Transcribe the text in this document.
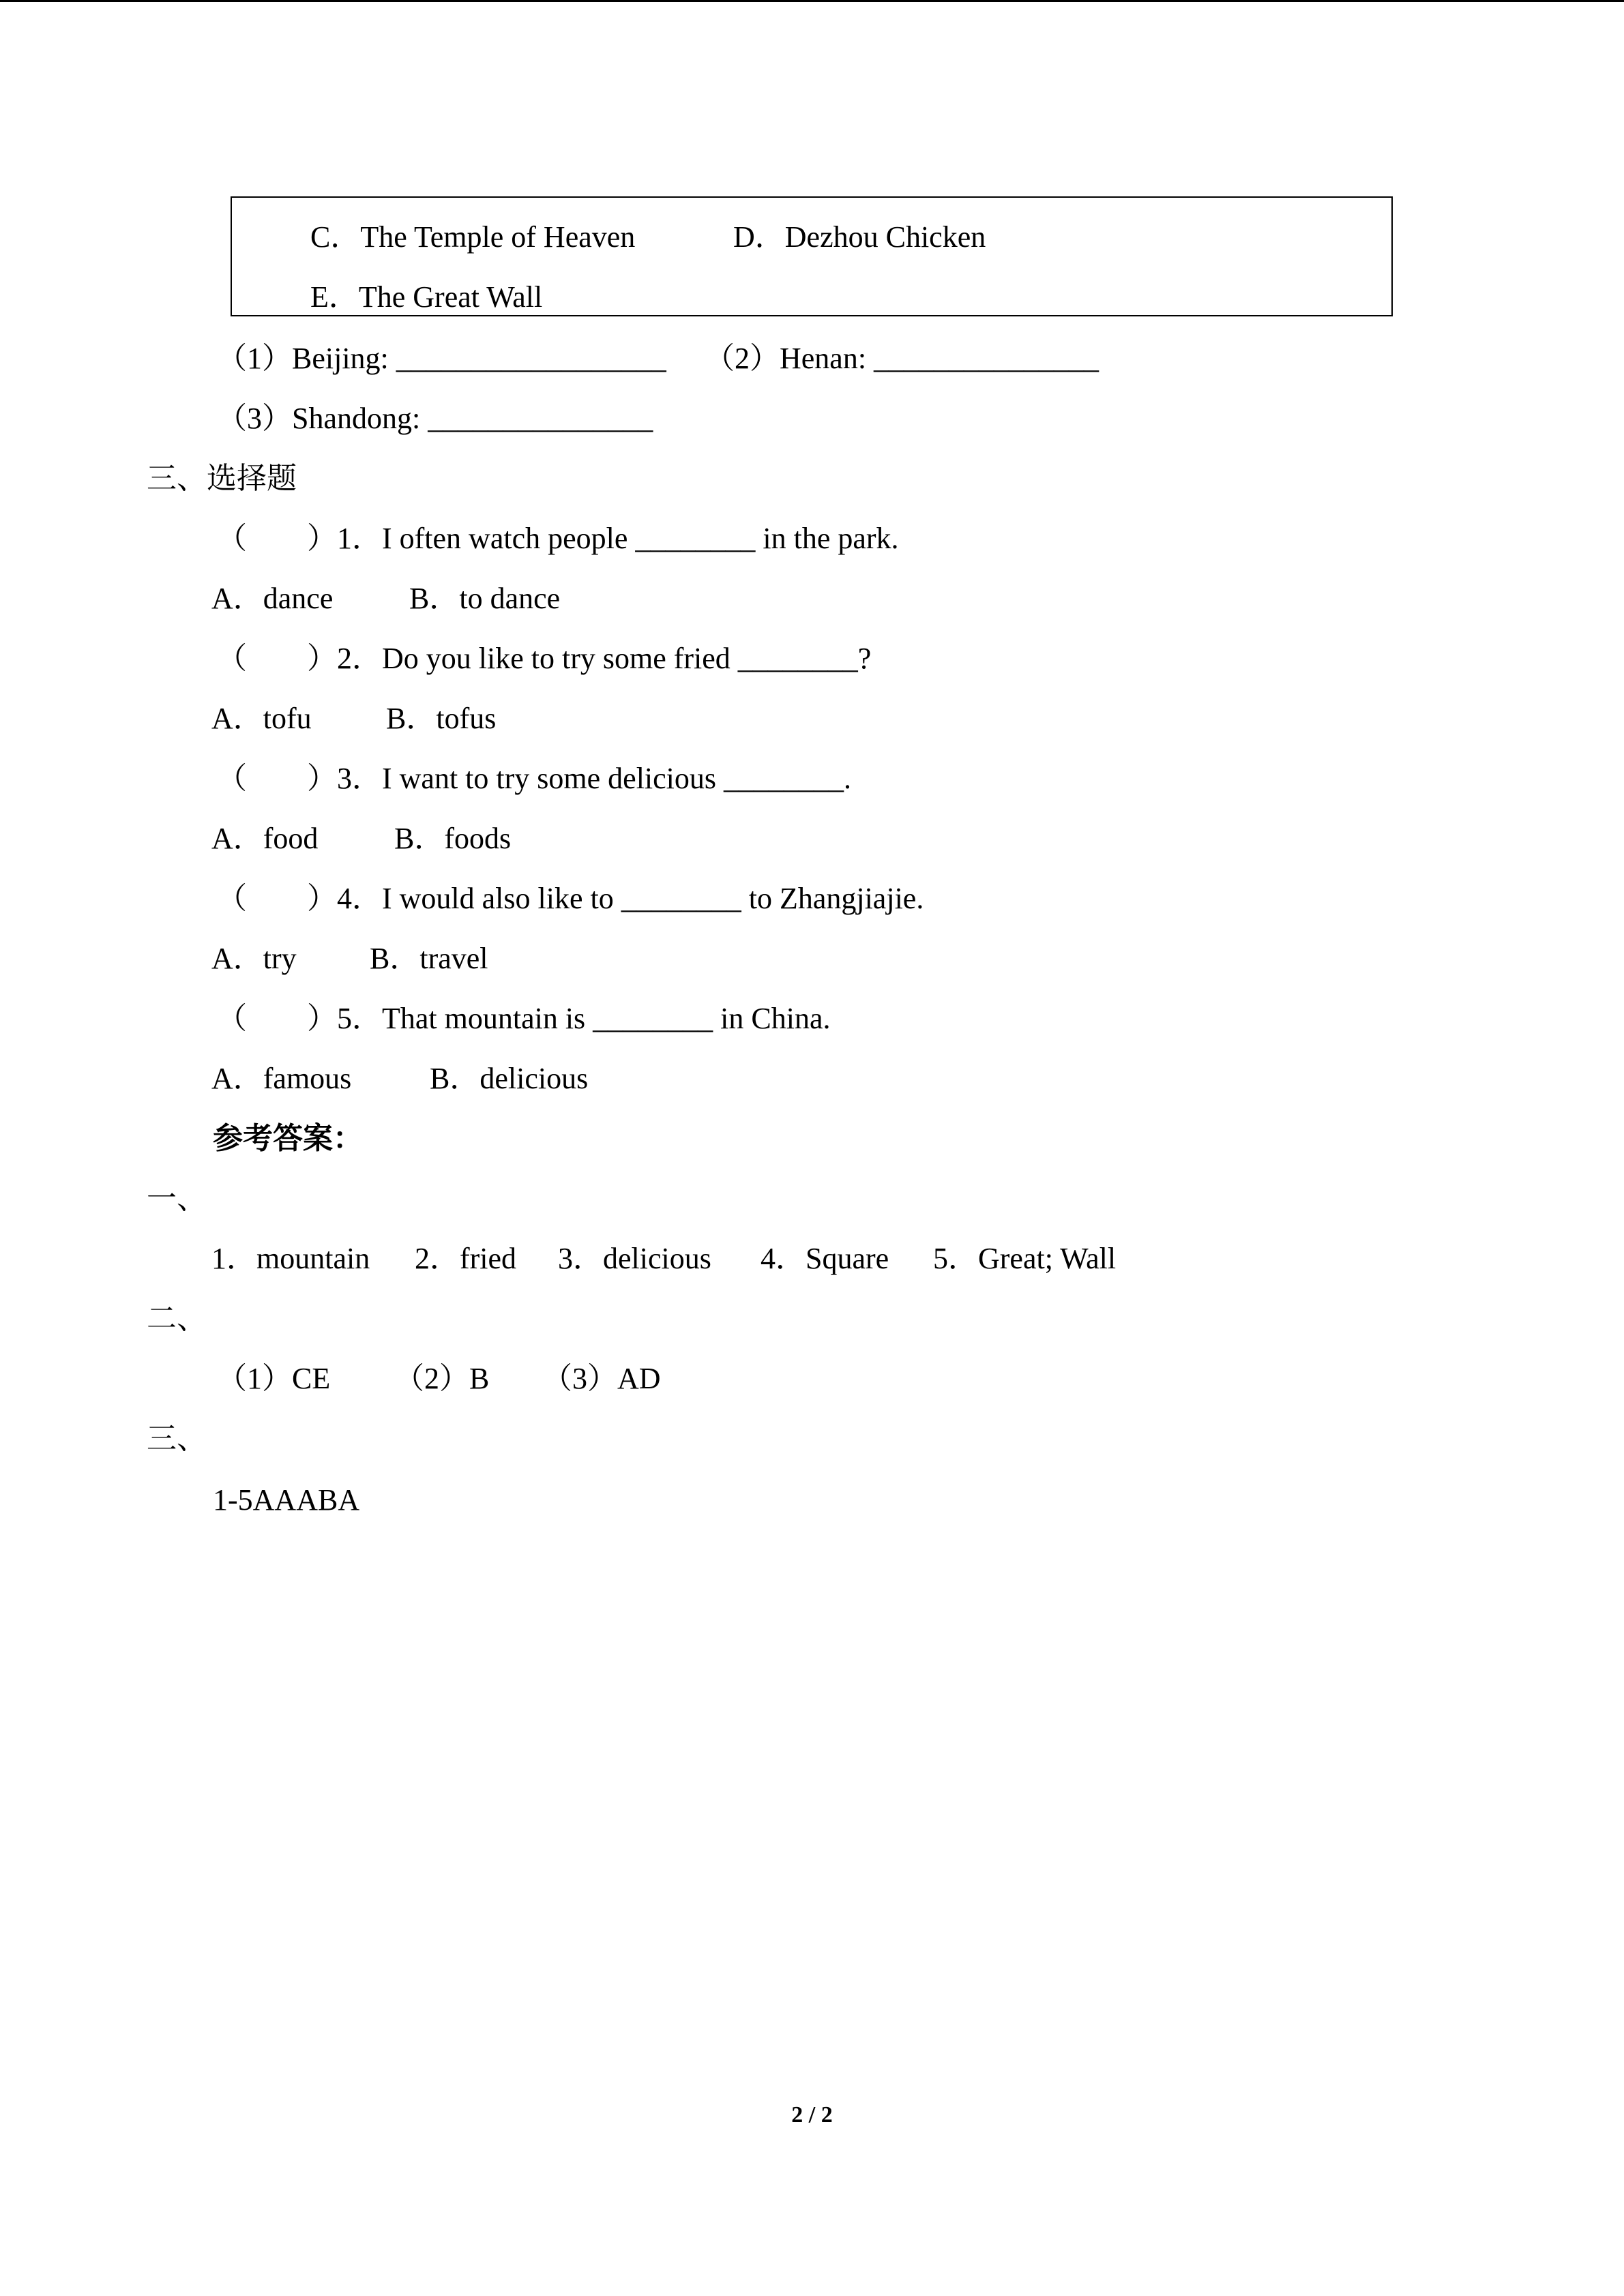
C．The Temple of Heaven	D．Dezhou Chicken
E．The Great Wall
（1）Beijing: __________________ （2）Henan: _______________
（3）Shandong: _______________
三、选择题
（　　）1．I often watch people ________ in the park.
A．dance	B．to dance
（　　）2．Do you like to try some fried ________?
A．tofu B．tofus
（　　）3．I want to try some delicious ________.
A．food	B．foods
（　　）4．I would also like to ________ to Zhangjiajie.
A．try B．travel
（　　）5．That mountain is ________ in China.
A．famous	B．delicious
参考答案：
一、
1．mountain 2．fried 3．delicious 4．Square 5．Great; Wall
二、
（1）CE （2）B （3）AD
三、
1-5AAABA
2 / 2
